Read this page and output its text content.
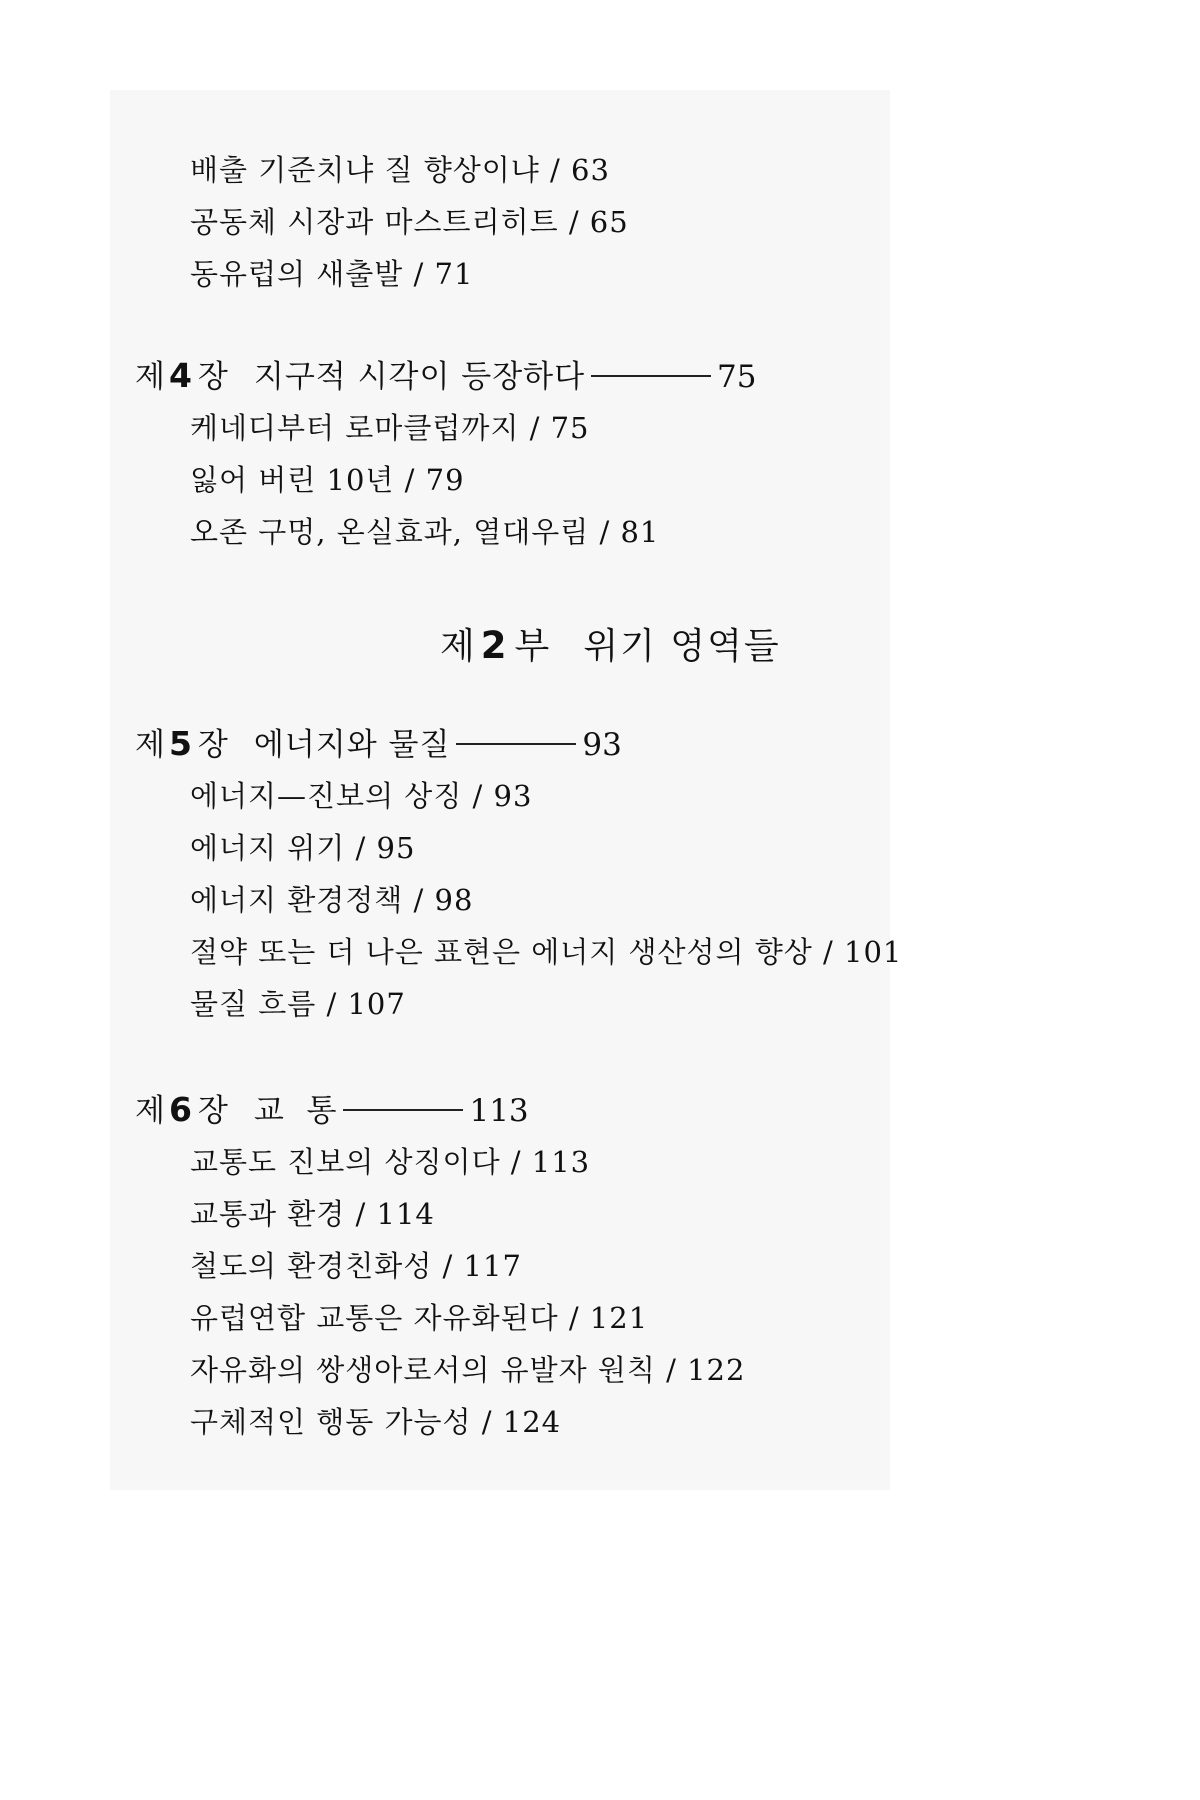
배출 기준치냐 질 향상이냐 / 63
공동체 시장과 마스트리히트 / 65
동유럽의 새출발 / 71
제 4 장 지구적 시각이 등장하다	75
케네디부터 로마클럽까지 / 75
잃어 버린 10년 / 79
오존 구멍, 온실효과, 열대우림 / 81
제 2 부 위기 영역들
제 5 장 에너지와 물질	93
에너지—진보의 상징 / 93
에너지 위기 / 95
에너지 환경정책 / 98
절약 또는 더 나은 표현은 에너지 생산성의 향상 / 101
물질 흐름 / 107
제 6 장 교  통	113
교통도 진보의 상징이다 / 113
교통과 환경 / 114
철도의 환경친화성 / 117
유럽연합 교통은 자유화된다 / 121
자유화의 쌍생아로서의 유발자 원칙 / 122
구체적인 행동 가능성 / 124
